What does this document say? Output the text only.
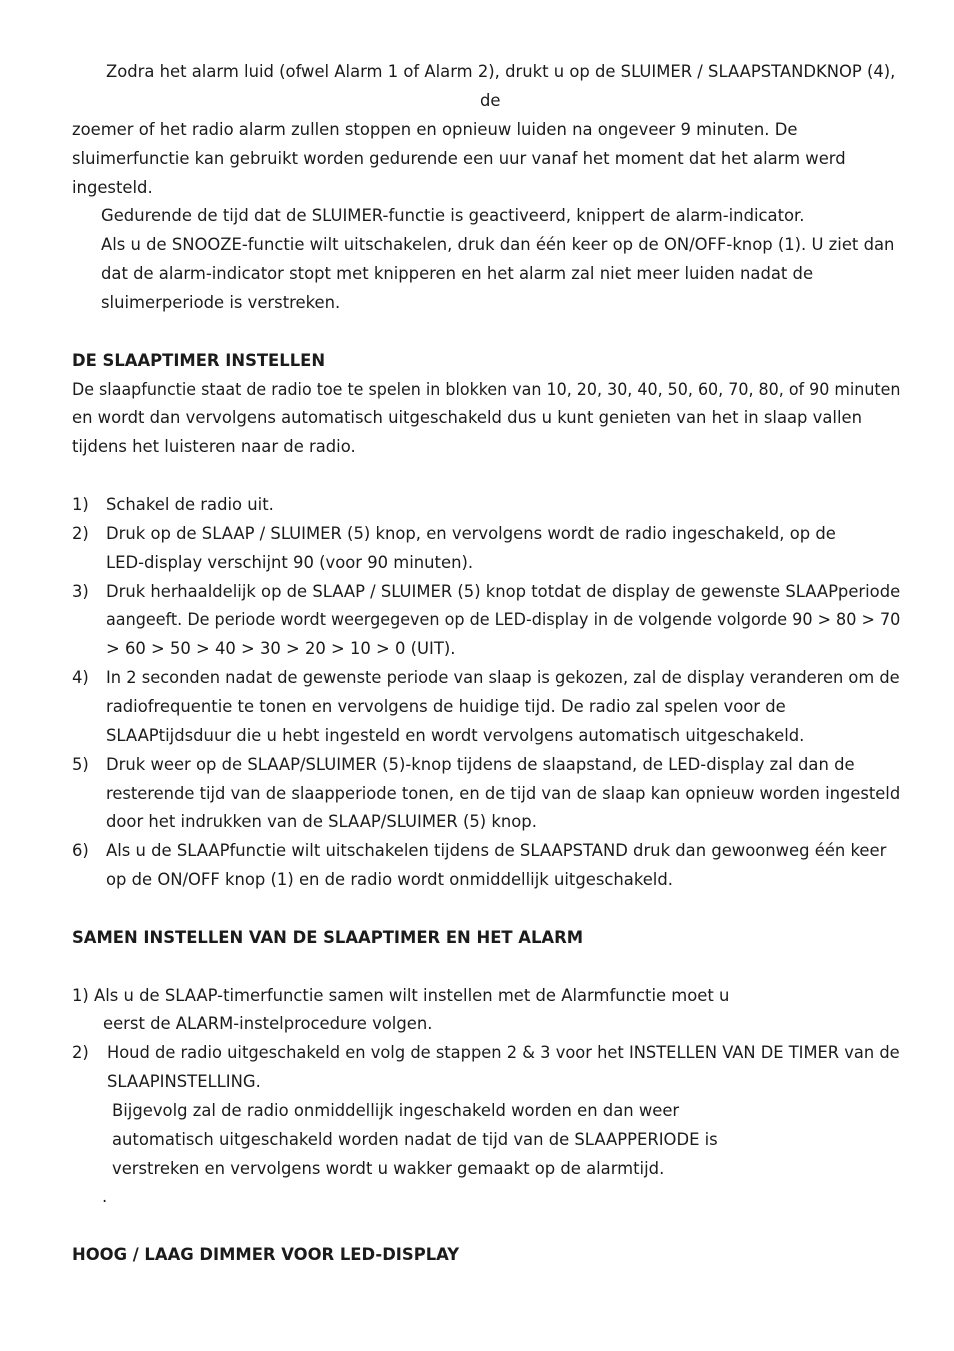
Zodra het alarm luid (ofwel Alarm 1 of Alarm 2), drukt u op de SLUIMER / SLAAPSTANDKNOP (4),
de
zoemer of het radio alarm zullen stoppen en opnieuw luiden na ongeveer 9 minuten. De
sluimerfunctie kan gebruikt worden gedurende een uur vanaf het moment dat het alarm werd
ingesteld.
Gedurende de tijd dat de SLUIMER-functie is geactiveerd, knippert de alarm-indicator.
Als u de SNOOZE-functie wilt uitschakelen, druk dan één keer op de ON/OFF-knop (1). U ziet dan
dat de alarm-indicator stopt met knipperen en het alarm zal niet meer luiden nadat de
sluimerperiode is verstreken.
DE SLAAPTIMER INSTELLEN
De slaapfunctie staat de radio toe te spelen in blokken van 10, 20, 30, 40, 50, 60, 70, 80, of 90 minuten
en wordt dan vervolgens automatisch uitgeschakeld dus u kunt genieten van het in slaap vallen
tijdens het luisteren naar de radio.
1) Schakel de radio uit.
2) Druk op de SLAAP / SLUIMER (5) knop, en vervolgens wordt de radio ingeschakeld, op de
LED-display verschijnt 90 (voor 90 minuten).
3) Druk herhaaldelijk op de SLAAP / SLUIMER (5) knop totdat de display de gewenste SLAAPperiode
aangeeft. De periode wordt weergegeven op de LED-display in de volgende volgorde 90 > 80 > 70
> 60 > 50 > 40 > 30 > 20 > 10 > 0 (UIT).
4) In 2 seconden nadat de gewenste periode van slaap is gekozen, zal de display veranderen om de
radiofrequentie te tonen en vervolgens de huidige tijd. De radio zal spelen voor de
SLAAPtijdsduur die u hebt ingesteld en wordt vervolgens automatisch uitgeschakeld.
5) Druk weer op de SLAAP/SLUIMER (5)-knop tijdens de slaapstand, de LED-display zal dan de
resterende tijd van de slaapperiode tonen, en de tijd van de slaap kan opnieuw worden ingesteld
door het indrukken van de SLAAP/SLUIMER (5) knop.
6) Als u de SLAAPfunctie wilt uitschakelen tijdens de SLAAPSTAND druk dan gewoonweg één keer
op de ON/OFF knop (1) en de radio wordt onmiddellijk uitgeschakeld.
SAMEN INSTELLEN VAN DE SLAAPTIMER EN HET ALARM
1) Als u de SLAAP-timerfunctie samen wilt instellen met de Alarmfunctie moet u
eerst de ALARM-instelprocedure volgen.
2) Houd de radio uitgeschakeld en volg de stappen 2 & 3 voor het INSTELLEN VAN DE TIMER van de
SLAAPINSTELLING.
Bijgevolg zal de radio onmiddellijk ingeschakeld worden en dan weer
automatisch uitgeschakeld worden nadat de tijd van de SLAAPPERIODE is
verstreken en vervolgens wordt u wakker gemaakt op de alarmtijd.
.
HOOG / LAAG DIMMER VOOR LED-DISPLAY
